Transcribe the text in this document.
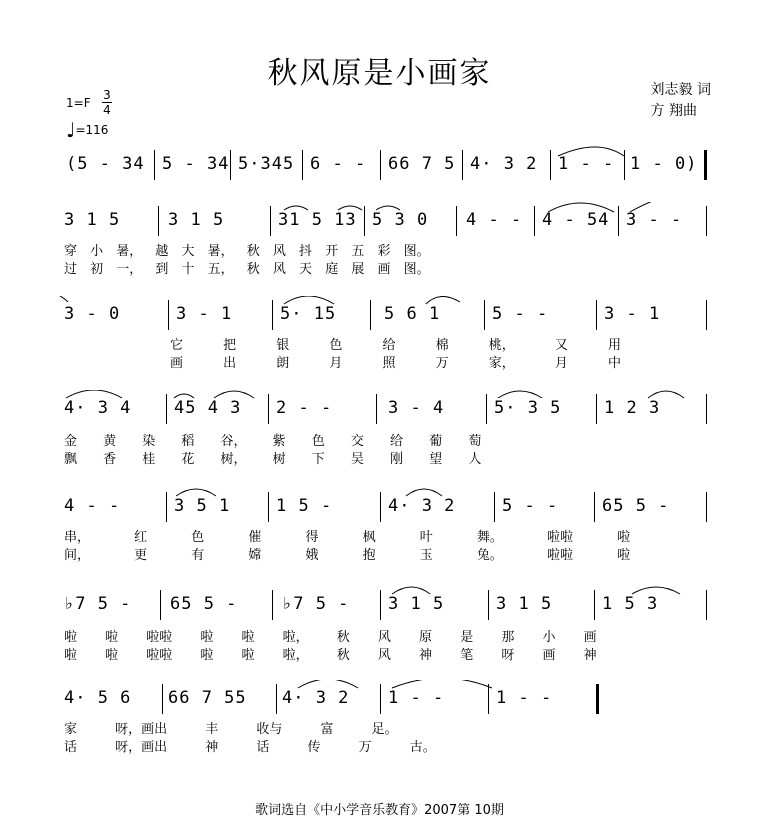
秋风原是小画家	刘志毅 词
方 翔曲
1=F
3
4
♩=116
(5 - 34 5 - 34 5·345 6 - - 66 7 5 4· 3 2 1 - - 1 - 0)
3 1 5	3 1 5	31 5 13 5 3 0 4 - - 4 - 54 3 - -
穿 小 暑， 越 大 暑， 秋 风 抖 开 五 彩 图。
过 初 一， 到 十 五， 秋 风 天 庭 展 画 图。
3 - 0	3 - 1	5· 15	5 6 1	5 - -	3 - 1
它 把 银 色 给 棉 桃， 又 用
画 出 朗 月 照 万 家， 月 中
4· 3 4	45 4 3 2 - -	3 - 4	5· 3 5	1 2 3
金 黄 染 稻 谷， 紫 色 交 给 葡 萄
飘 香 桂 花 树， 树 下 吴 刚 望 人
4 - -	3 5 1	1 5 -	4· 3 2	5 - -	65 5 -
串， 红 色 催 得 枫 叶 舞。 啦啦 啦
间， 更 有 嫦 娥 抱 玉 兔。 啦啦 啦
♭7 5 - 65 5 -	♭7 5 - 3 1 5	3 1 5	1 5 3
啦 啦 啦啦 啦 啦 啦， 秋 风 原 是 那 小 画
啦 啦 啦啦 啦 啦 啦， 秋 风 神 笔 呀 画 神
4· 5 6 66 7 55 4· 3 2 1 - -	1 - -
家 呀，画出 丰 收与 富 足。
话 呀，画出 神 话 传 万 古。
歌词选自《中小学音乐教育》2007第 10期
